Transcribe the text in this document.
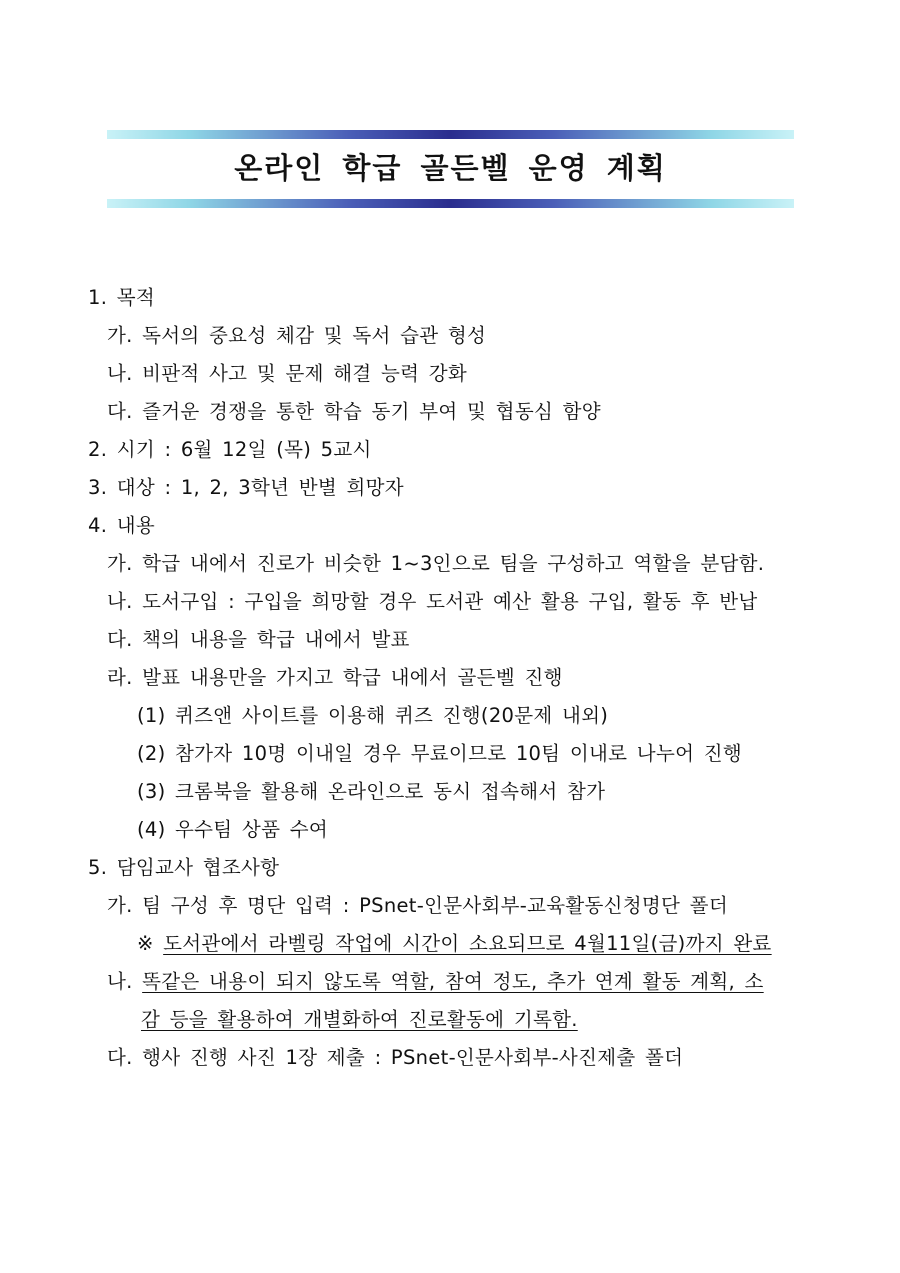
온라인 학급 골든벨 운영 계획
1. 목적
가. 독서의 중요성 체감 및 독서 습관 형성
나. 비판적 사고 및 문제 해결 능력 강화
다. 즐거운 경쟁을 통한 학습 동기 부여 및 협동심 함양
2. 시기 : 6월 12일 (목) 5교시
3. 대상 : 1, 2, 3학년 반별 희망자
4. 내용
가. 학급 내에서 진로가 비슷한 1~3인으로 팀을 구성하고 역할을 분담함.
나. 도서구입 : 구입을 희망할 경우 도서관 예산 활용 구입, 활동 후 반납
다. 책의 내용을 학급 내에서 발표
라. 발표 내용만을 가지고 학급 내에서 골든벨 진행
(1) 퀴즈앤 사이트를 이용해 퀴즈 진행(20문제 내외)
(2) 참가자 10명 이내일 경우 무료이므로 10팀 이내로 나누어 진행
(3) 크롬북을 활용해 온라인으로 동시 접속해서 참가
(4) 우수팀 상품 수여
5. 담임교사 협조사항
가. 팀 구성 후 명단 입력 : PSnet-인문사회부-교육활동신청명단 폴더
※ 도서관에서 라벨링 작업에 시간이 소요되므로 4월11일(금)까지 완료
나. 똑같은 내용이 되지 않도록 역할, 참여 정도, 추가 연계 활동 계획, 소
감 등을 활용하여 개별화하여 진로활동에 기록함.
다. 행사 진행 사진 1장 제출 : PSnet-인문사회부-사진제출 폴더
